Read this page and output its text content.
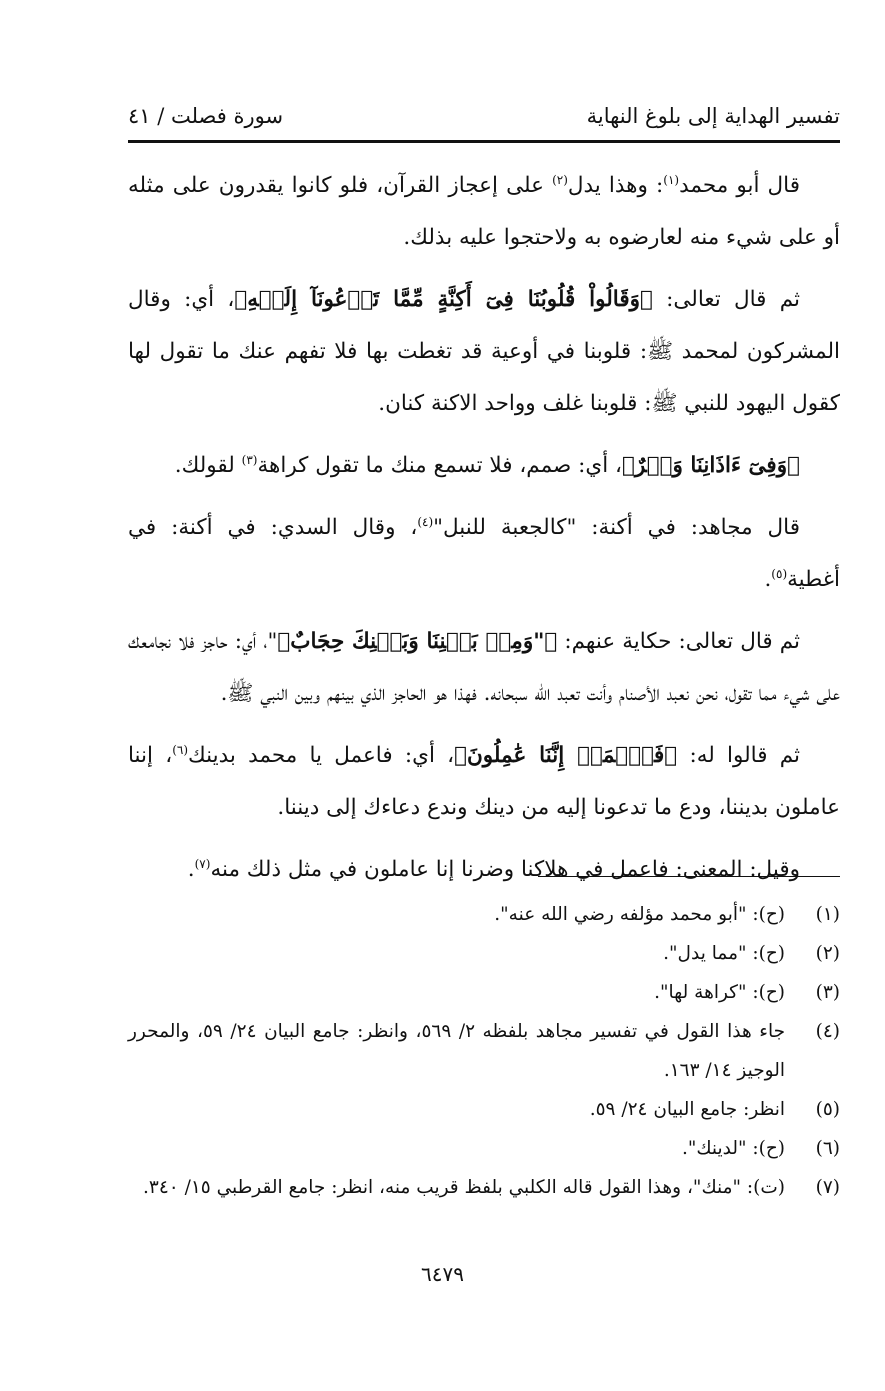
تفسير الهداية إلى بلوغ النهاية
سورة فصلت / ٤١

قال أبو محمد$^{(١)}$: وهذا يدل$^{(٢)}$ على إعجاز القرآن، فلو كانوا يقدرون على مثله أو على شيء منه لعارضوه به ولاحتجوا عليه بذلك.

ثم قال تعالى: ﴿وَقَالُواْ قُلُوبُنَا فِىٓ أَكِنَّةٍ مِّمَّا تَدۡعُونَآ إِلَيۡهِ﴾، أي: وقال المشركون لمحمد ﷺ: قلوبنا في أوعية قد تغطت بها فلا تفهم عنك ما تقول لها كقول اليهود للنبي ﷺ: قلوبنا غلف وواحد الاكنة كنان.

﴿وَفِىٓ ءَاذَانِنَا وَقۡرٌ﴾، أي: صمم، فلا تسمع منك ما تقول كراهة$^{(٣)}$ لقولك.

قال مجاهد: في أكنة: "كالجعبة للنبل"$^{(٤)}$، وقال السدي: في أكنة: في أغطية$^{(٥)}$.

ثم قال تعالى: حكاية عنهم: ﴿"وَمِنۢ بَيۡنِنَا وَبَيۡنِكَ حِجَابٌ﴾"، أي: حاجز فلا نجامعك على شيء مما تقول، نحن نعبد الأصنام وأنت تعبد الله سبحانه. فهذا هو الحاجز الذي بينهم وبين النبي ﷺ.

ثم قالوا له: ﴿فَٱعۡمَلۡ إِنَّنَا عَٰمِلُونَ﴾، أي: فاعمل يا محمد بدينك$^{(٦)}$، إننا عاملون بديننا، ودع ما تدعونا إليه من دينك وندع دعاءك إلى ديننا.

وقيل: المعنى: فاعمل في هلاكنا وضرنا إنا عاملون في مثل ذلك منه$^{(٧)}$.

(١)
(ح): "أبو محمد مؤلفه رضي الله عنه".
(٢)
(ح): "مما يدل".
(٣)
(ح): "كراهة لها".
(٤)
جاء هذا القول في تفسير مجاهد بلفظه ٢/ ٥٦٩، وانظر: جامع البيان ٢٤/ ٥٩، والمحرر الوجيز ١٤/ ١٦٣.
(٥)
انظر: جامع البيان ٢٤/ ٥٩.
(٦)
(ح): "لدينك".
(٧)
(ت): "منك"، وهذا القول قاله الكلبي بلفظ قريب منه، انظر: جامع القرطبي ١٥/ ٣٤٠.
٦٤٧٩
